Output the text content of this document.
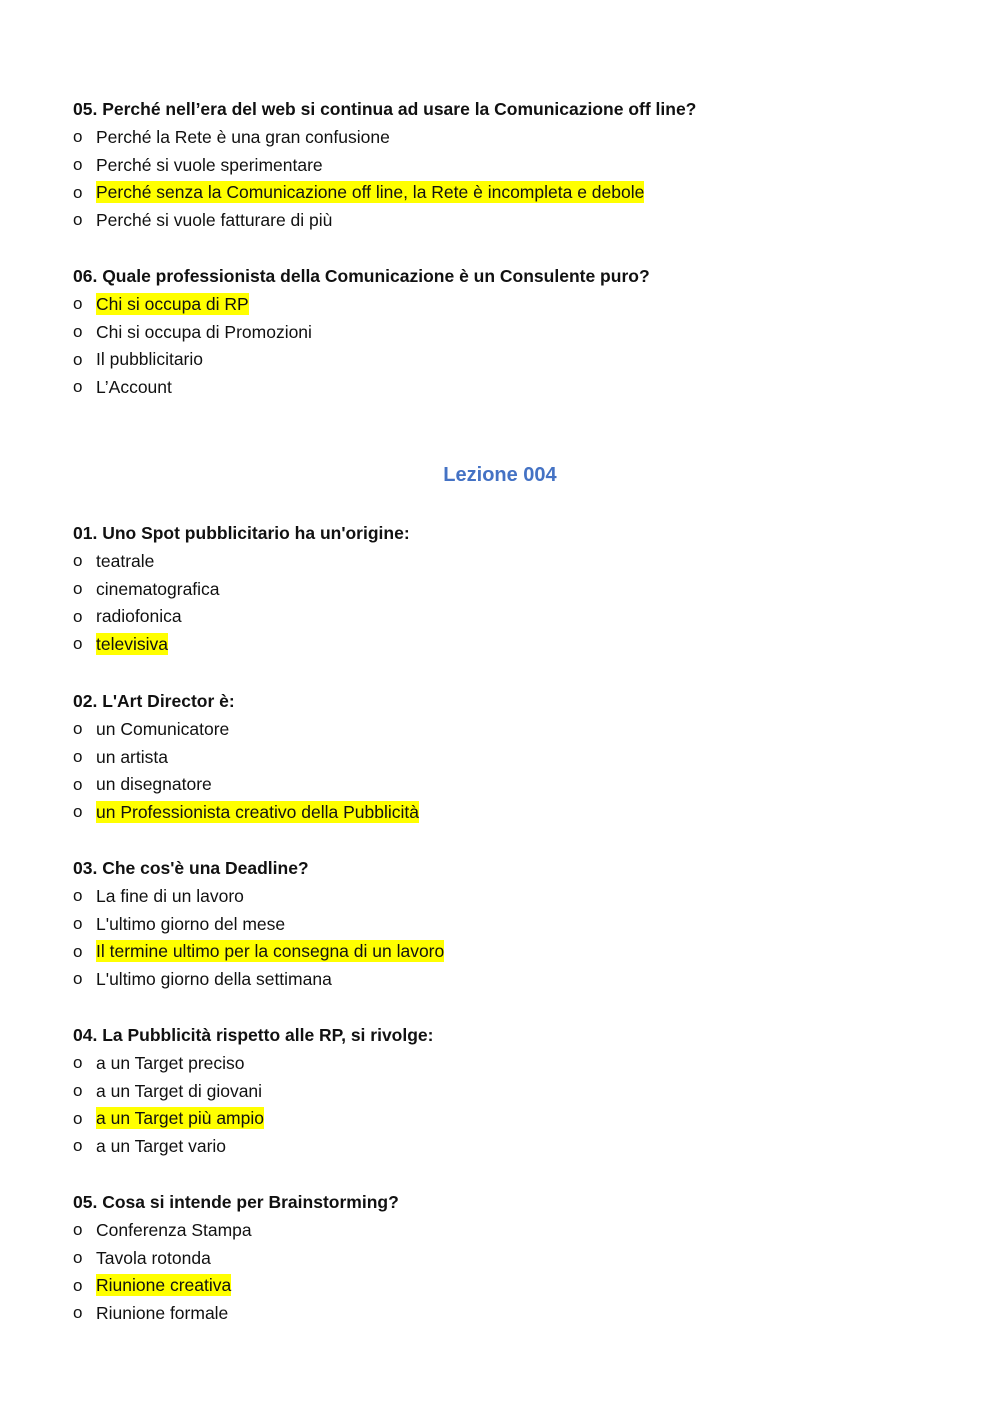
05. Perché nell’era del web si continua ad usare la Comunicazione off line?
o Perché la Rete è una gran confusione
o Perché si vuole sperimentare
o Perché senza la Comunicazione off line, la Rete è incompleta e debole
o Perché si vuole fatturare di più
06. Quale professionista della Comunicazione è un Consulente puro?
o Chi si occupa di RP
o Chi si occupa di Promozioni
o Il pubblicitario
o L’Account
Lezione 004
01. Uno Spot pubblicitario ha un'origine:
o teatrale
o cinematografica
o radiofonica
o televisiva
02. L'Art Director è:
o un Comunicatore
o un artista
o un disegnatore
o un Professionista creativo della Pubblicità
03. Che cos'è una Deadline?
o La fine di un lavoro
o L'ultimo giorno del mese
o Il termine ultimo per la consegna di un lavoro
o L'ultimo giorno della settimana
04. La Pubblicità rispetto alle RP, si rivolge:
o a un Target preciso
o a un Target di giovani
o a un Target più ampio
o a un Target vario
05. Cosa si intende per Brainstorming?
o Conferenza Stampa
o Tavola rotonda
o Riunione creativa
o Riunione formale
